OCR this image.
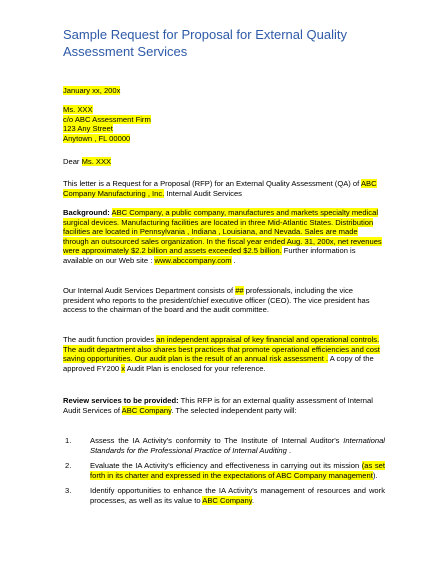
Sample Request for Proposal for External Quality Assessment Services
January xx, 200x

Ms. XXX

c/o ABC Assessment Firm

123 Any Street

Anytown , FL 00000

Dear Ms. XXX
This letter is a Request for a Proposal (RFP) for an External Quality Assessment (QA) of ABC Company Manufacturing , Inc. Internal Audit Services
Background: ABC Company, a public company, manufactures and markets specialty medical surgical devices. Manufacturing facilities are located in three Mid-Atlantic States. Distribution facilities are located in Pennsylvania , Indiana , Louisiana, and Nevada. Sales are made through an outsourced sales organization. In the fiscal year ended Aug. 31, 200x, net revenues were approximately $2.2 billion and assets exceeded $2.5 billion. Further information is available on our Web site : www.abccompany.com .
Our Internal Audit Services Department consists of ## professionals, including the vice president who reports to the president/chief executive officer (CEO). The vice president has access to the chairman of the board and the audit committee.
The audit function provides an independent appraisal of key financial and operational controls. The audit department also shares best practices that promote operational efficiencies and cost saving opportunities. Our audit plan is the result of an annual risk assessment . A copy of the approved FY200 x Audit Plan is enclosed for your reference.
Review services to be provided: This RFP is for an external quality assessment of Internal Audit Services of ABC Company. The selected independent party will:
1. Assess the IA Activity's conformity to The Institute of Internal Auditor's International Standards for the Professional Practice of Internal Auditing .
2. Evaluate the IA Activity's efficiency and effectiveness in carrying out its mission (as set forth in its charter and expressed in the expectations of ABC Company management).
3. Identify opportunities to enhance the IA Activity's management of resources and work processes, as well as its value to ABC Company.
